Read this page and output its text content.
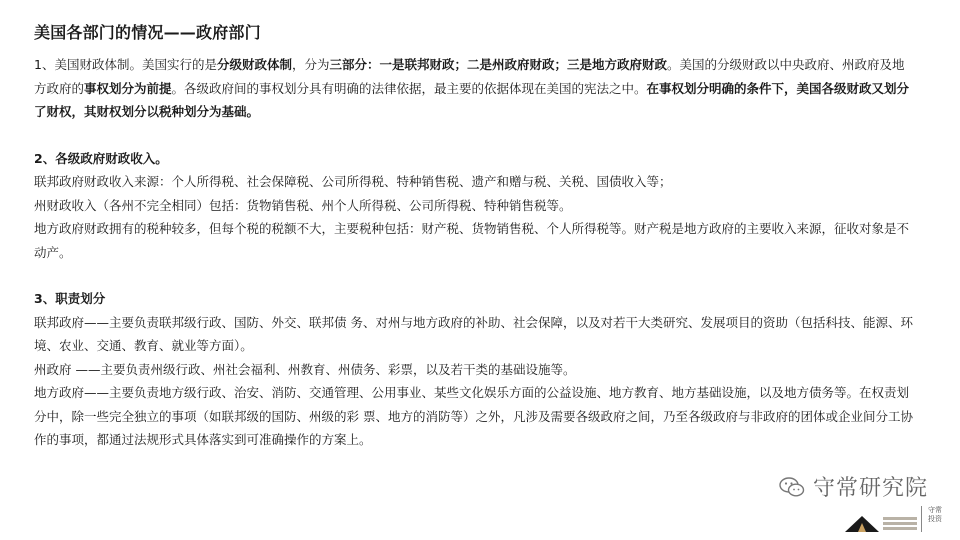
美国各部门的情况——政府部门

1、美国财政体制。美国实行的是分级财政体制，分为三部分：一是联邦财政；二是州政府财政；三是地方政府财政。美国的分级财政以中央政府、州政府及地方政府的事权划分为前提。各级政府间的事权划分具有明确的法律依据，最主要的依据体现在美国的宪法之中。在事权划分明确的条件下，美国各级财政又划分了财权，其财权划分以税种划分为基础。

2、各级政府财政收入。

联邦政府财政收入来源：个人所得税、社会保障税、公司所得税、特种销售税、遗产和赠与税、关税、国债收入等；

州财政收入（各州不完全相同）包括：货物销售税、州个人所得税、公司所得税、特种销售税等。

地方政府财政拥有的税种较多，但每个税的税额不大，主要税种包括：财产税、货物销售税、个人所得税等。财产税是地方政府的主要收入来源，征收对象是不动产。

3、职责划分

联邦政府——主要负责联邦级行政、国防、外交、联邦债 务、对州与地方政府的补助、社会保障，以及对若干大类研究、发展项目的资助（包括科技、能源、环境、农业、交通、教育、就业等方面）。

州政府 ——主要负责州级行政、州社会福利、州教育、州债务、彩票，以及若干类的基础设施等。

地方政府——主要负责地方级行政、治安、消防、交通管理、公用事业、某些文化娱乐方面的公益设施、地方教育、地方基础设施，以及地方债务等。在权责划分中，除一些完全独立的事项（如联邦级的国防、州级的彩 票、地方的消防等）之外，凡涉及需要各级政府之间，乃至各级政府与非政府的团体或企业间分工协作的事项，都通过法规形式具体落实到可准确操作的方案上。

守常研究院
守常
投资
